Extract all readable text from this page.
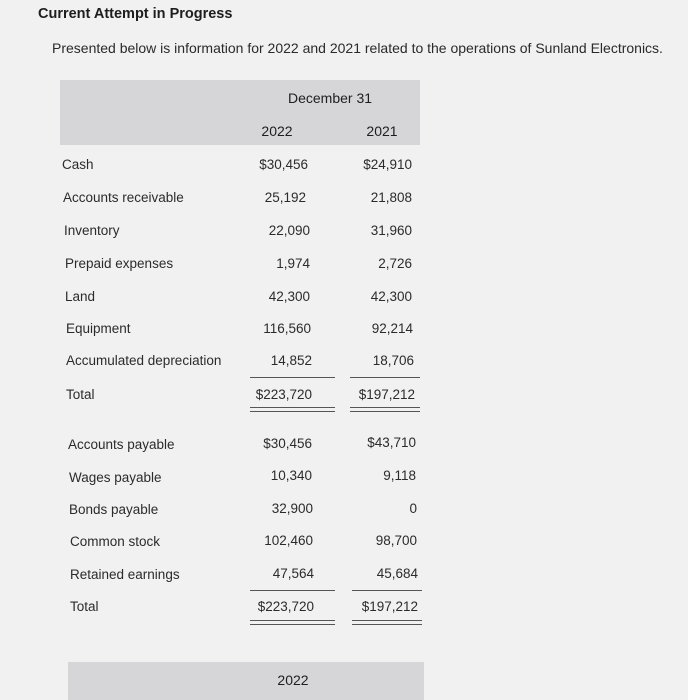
Current Attempt in Progress
Presented below is information for 2022 and 2021 related to the operations of Sunland Electronics.
December 31
2022	2021
Cash	$30,456	$24,910
Accounts receivable	25,192	21,808
Inventory	22,090	31,960
Prepaid expenses	1,974	2,726
Land	42,300	42,300
Equipment	116,560	92,214
Accumulated depreciation	14,852	18,706
Total	$223,720	$197,212
Accounts payable	$30,456	$43,710
Wages payable	10,340	9,118
Bonds payable	32,900	0
Common stock	102,460	98,700
Retained earnings	47,564	45,684
Total	$223,720	$197,212
2022
